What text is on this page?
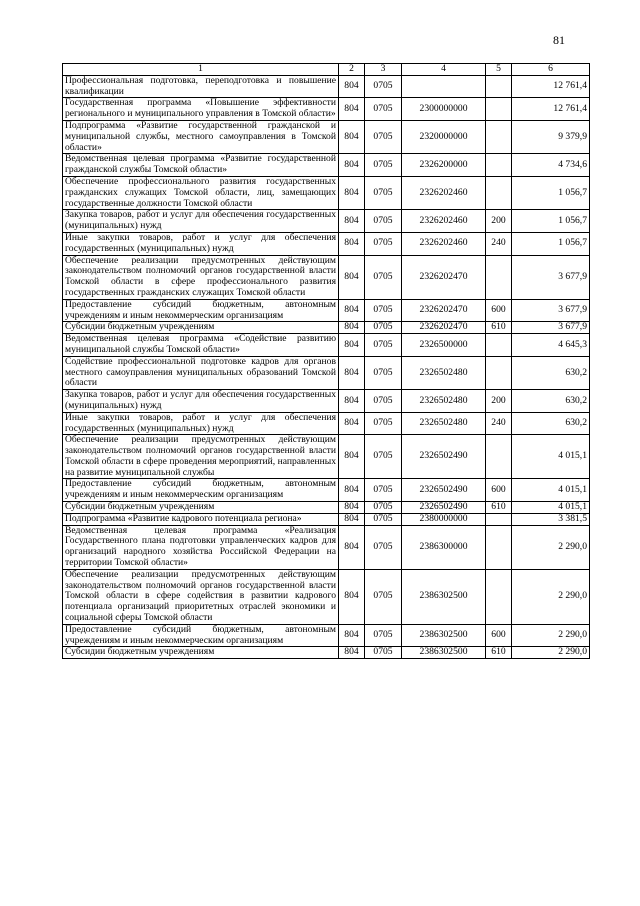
81
1	2	3	4	5	6
Профессиональная подготовка, переподготовка и повышение квалификации	804	0705			12 761,4
Государственная программа «Повышение эффективности регионального и муниципального управления в Томской области»	804	0705	2300000000		12 761,4
Подпрограмма «Развитие государственной гражданской и муниципальной службы, местного самоуправления в Томской области»	804	0705	2320000000		9 379,9
Ведомственная целевая программа «Развитие государственной гражданской службы Томской области»	804	0705	2326200000		4 734,6
Обеспечение профессионального развития государственных гражданских служащих Томской области, лиц, замещающих государственные должности Томской области	804	0705	2326202460		1 056,7
Закупка товаров, работ и услуг для обеспечения государственных (муниципальных) нужд	804	0705	2326202460	200	1 056,7
Иные закупки товаров, работ и услуг для обеспечения государственных (муниципальных) нужд	804	0705	2326202460	240	1 056,7
Обеспечение реализации предусмотренных действующим законодательством полномочий органов государственной власти Томской области в сфере профессионального развития государственных гражданских служащих Томской области	804	0705	2326202470		3 677,9
Предоставление субсидий бюджетным, автономным учреждениям и иным некоммерческим организациям	804	0705	2326202470	600	3 677,9
Субсидии бюджетным учреждениям	804	0705	2326202470	610	3 677,9
Ведомственная целевая программа «Содействие развитию муниципальной службы Томской области»	804	0705	2326500000		4 645,3
Содействие профессиональной подготовке кадров для органов местного самоуправления муниципальных образований Томской области	804	0705	2326502480		630,2
Закупка товаров, работ и услуг для обеспечения государственных (муниципальных) нужд	804	0705	2326502480	200	630,2
Иные закупки товаров, работ и услуг для обеспечения государственных (муниципальных) нужд	804	0705	2326502480	240	630,2
Обеспечение реализации предусмотренных действующим законодательством полномочий органов государственной власти Томской области в сфере проведения мероприятий, направленных на развитие муниципальной службы	804	0705	2326502490		4 015,1
Предоставление субсидий бюджетным, автономным учреждениям и иным некоммерческим организациям	804	0705	2326502490	600	4 015,1
Субсидии бюджетным учреждениям	804	0705	2326502490	610	4 015,1
Подпрограмма «Развитие кадрового потенциала региона»	804	0705	2380000000		3 381,5
Ведомственная целевая программа «Реализация Государственного плана подготовки управленческих кадров для организаций народного хозяйства Российской Федерации на территории Томской области»	804	0705	2386300000		2 290,0
Обеспечение реализации предусмотренных действующим законодательством полномочий органов государственной власти Томской области в сфере содействия в развитии кадрового потенциала организаций приоритетных отраслей экономики и социальной сферы Томской области	804	0705	2386302500		2 290,0
Предоставление субсидий бюджетным, автономным учреждениям и иным некоммерческим организациям	804	0705	2386302500	600	2 290,0
Субсидии бюджетным учреждениям	804	0705	2386302500	610	2 290,0
